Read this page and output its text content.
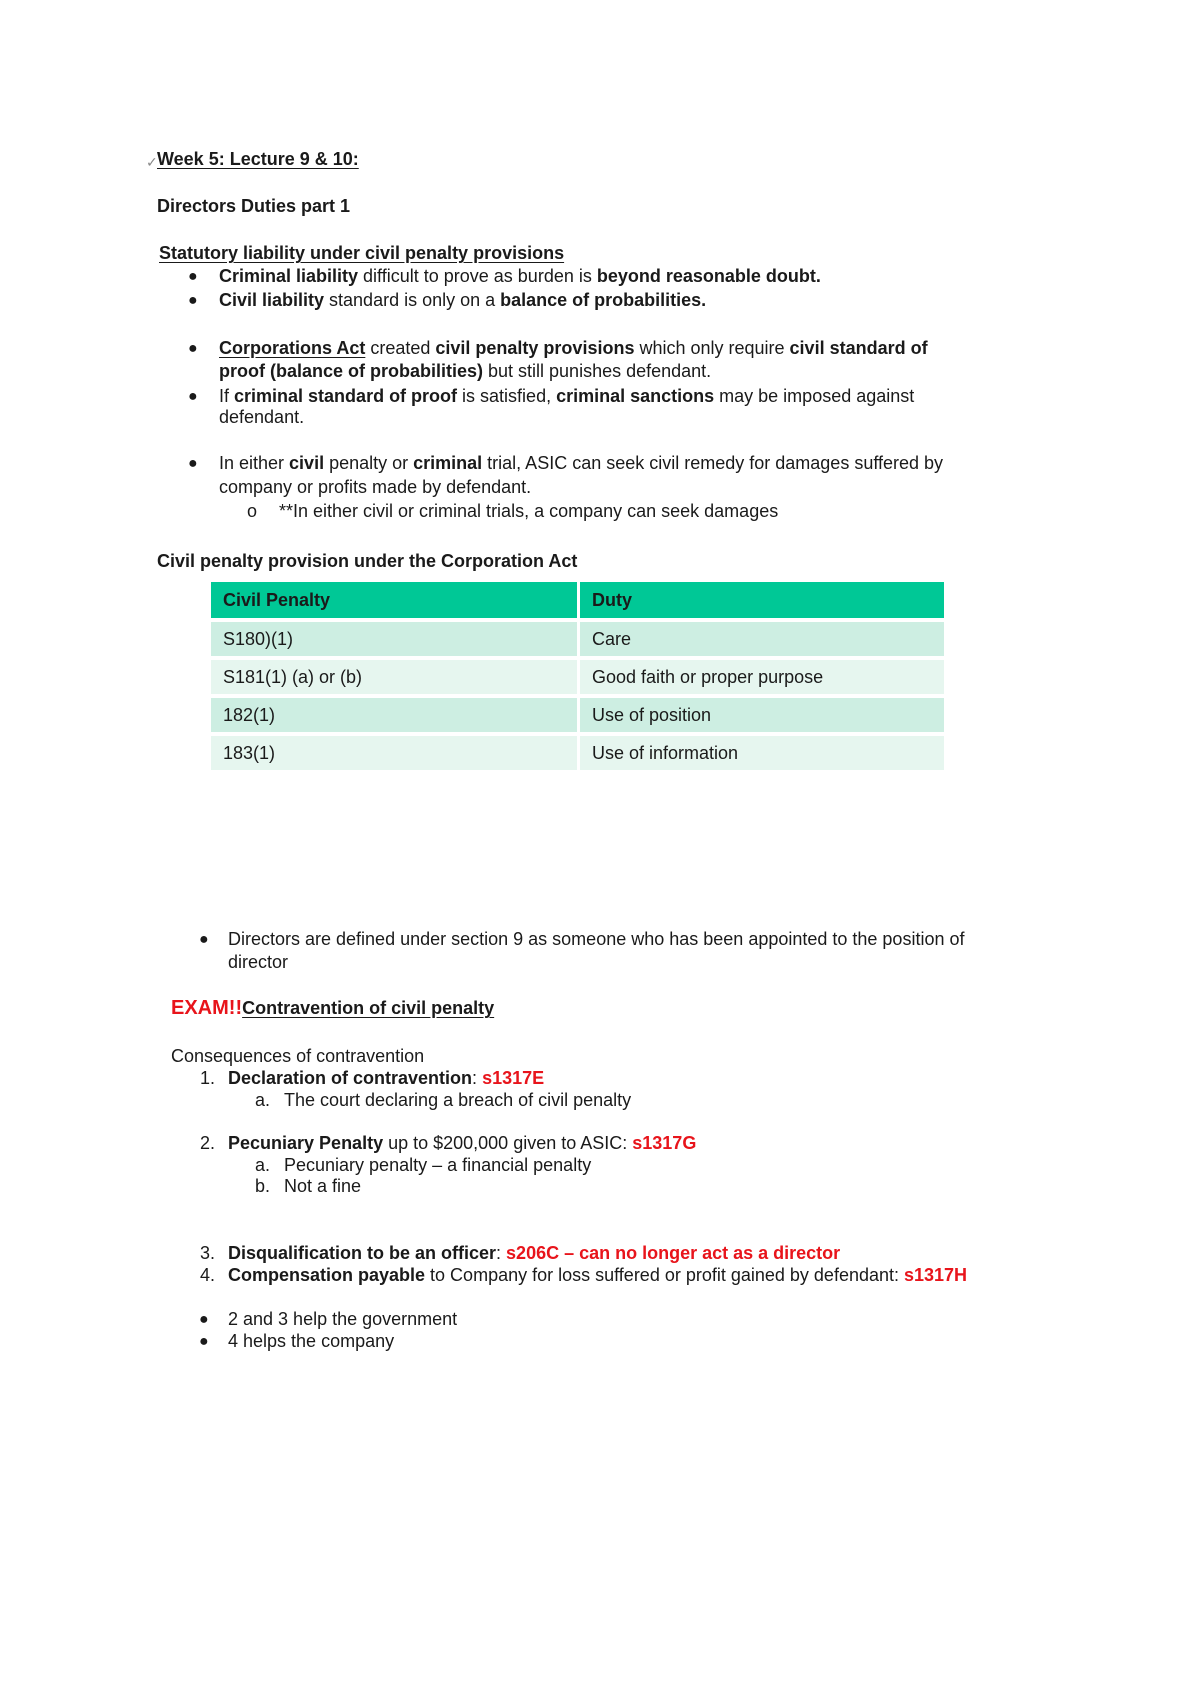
✓ Week 5: Lecture 9 & 10:
Directors Duties part 1
Statutory liability under civil penalty provisions
● Criminal liability difficult to prove as burden is beyond reasonable doubt.
● Civil liability standard is only on a balance of probabilities.
● Corporations Act created civil penalty provisions which only require civil standard of
proof (balance of probabilities) but still punishes defendant.
● If criminal standard of proof is satisfied, criminal sanctions may be imposed against
defendant.
● In either civil penalty or criminal trial, ASIC can seek civil remedy for damages suffered by
company or profits made by defendant.
o **In either civil or criminal trials, a company can seek damages
Civil penalty provision under the Corporation Act
Civil Penalty	Duty
S180)(1)	Care
S181(1) (a) or (b)	Good faith or proper purpose
182(1)	Use of position
183(1)	Use of information
● Directors are defined under section 9 as someone who has been appointed to the position of
director
EXAM!!Contravention of civil penalty
Consequences of contravention
1. Declaration of contravention: s1317E
a. The court declaring a breach of civil penalty
2. Pecuniary Penalty up to $200,000 given to ASIC: s1317G
a. Pecuniary penalty – a financial penalty
b. Not a fine
3. Disqualification to be an officer: s206C – can no longer act as a director
4. Compensation payable to Company for loss suffered or profit gained by defendant: s1317H
● 2 and 3 help the government
● 4 helps the company
